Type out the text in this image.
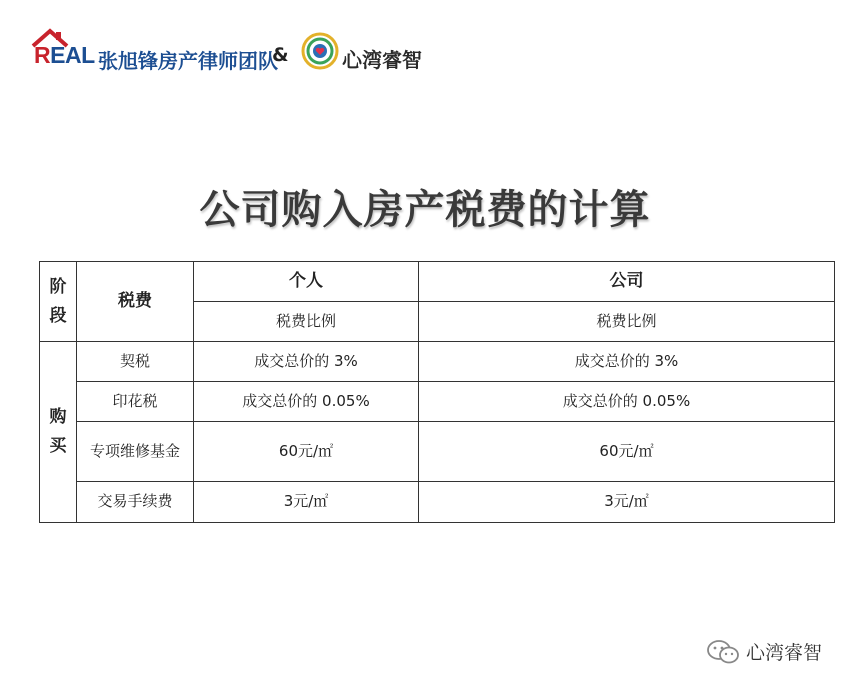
REAL 张旭锋房产律师团队
&	心湾睿智
公司购入房产税费的计算
阶段	税费	个人	公司
		税费比例	税费比例
购买	契税	成交总价的 3%	成交总价的 3%
	印花税	成交总价的 0.05%	成交总价的 0.05%
	专项维修基金	60元/㎡	60元/㎡
	交易手续费	3元/㎡	3元/㎡
心湾睿智
